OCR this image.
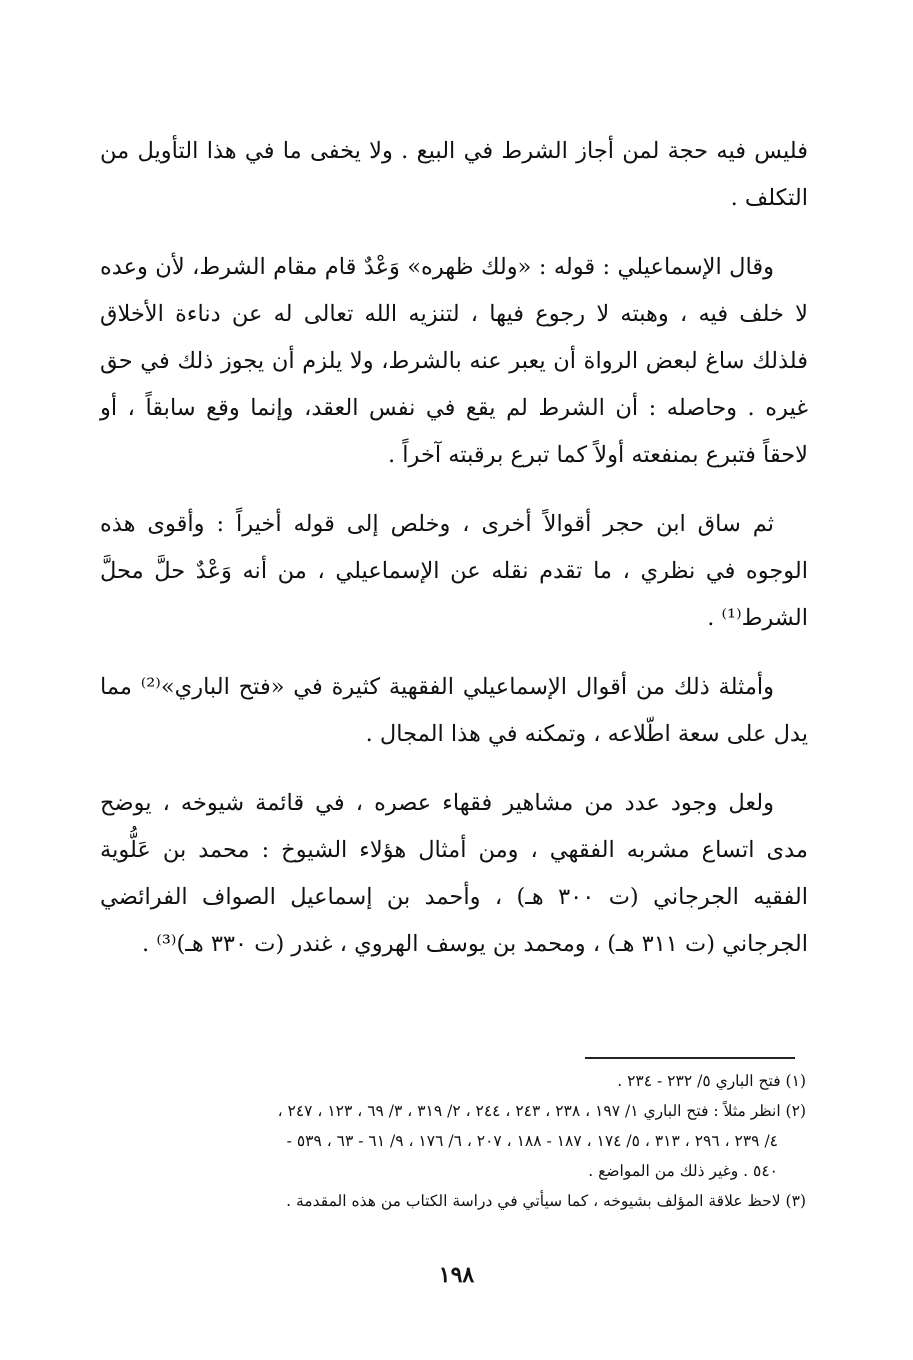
فليس فيه حجة لمن أجاز الشرط في البيع . ولا يخفى ما في هذا التأويل من التكلف .

وقال الإسماعيلي : قوله : «ولك ظهره» وَعْدٌ قام مقام الشرط، لأن وعده لا خلف فيه ، وهبته لا رجوع فيها ، لتنزيه الله تعالى له عن دناءة الأخلاق فلذلك ساغ لبعض الرواة أن يعبر عنه بالشرط، ولا يلزم أن يجوز ذلك في حق غيره . وحاصله : أن الشرط لم يقع في نفس العقد، وإنما وقع سابقاً ، أو لاحقاً فتبرع بمنفعته أولاً كما تبرع برقبته آخراً .

ثم ساق ابن حجر أقوالاً أخرى ، وخلص إلى قوله أخيراً : وأقوى هذه الوجوه في نظري ، ما تقدم نقله عن الإسماعيلي ، من أنه وَعْدٌ حلَّ محلَّ الشرط⁽¹⁾ .

وأمثلة ذلك من أقوال الإسماعيلي الفقهية كثيرة في «فتح الباري»⁽²⁾ مما يدل على سعة اطّلاعه ، وتمكنه في هذا المجال .

ولعل وجود عدد من مشاهير فقهاء عصره ، في قائمة شيوخه ، يوضح مدى اتساع مشربه الفقهي ، ومن أمثال هؤلاء الشيوخ : محمد بن عَلُّوية الفقيه الجرجاني (ت ٣٠٠ هـ) ، وأحمد بن إسماعيل الصواف الفرائضي الجرجاني (ت ٣١١ هـ) ، ومحمد بن يوسف الهروي ، غندر (ت ٣٣٠ هـ)⁽³⁾ .

(١) فتح الباري ٥/ ٢٣٢ - ٢٣٤ .

(٢) انظر مثلاً : فتح الباري ١/ ١٩٧ ، ٢٣٨ ، ٢٤٣ ، ٢٤٤ ، ٢/ ٣١٩ ، ٣/ ٦٩ ، ١٢٣ ، ٢٤٧ ،

٤/ ٢٣٩ ، ٢٩٦ ، ٣١٣ ، ٥/ ١٧٤ ، ١٨٧ - ١٨٨ ، ٢٠٧ ، ٦/ ١٧٦ ، ٩/ ٦١ - ٦٣ ، ٥٣٩ -

٥٤٠ . وغير ذلك من المواضع .

(٣) لاحظ علاقة المؤلف بشيوخه ، كما سيأتي في دراسة الكتاب من هذه المقدمة .

١٩٨
